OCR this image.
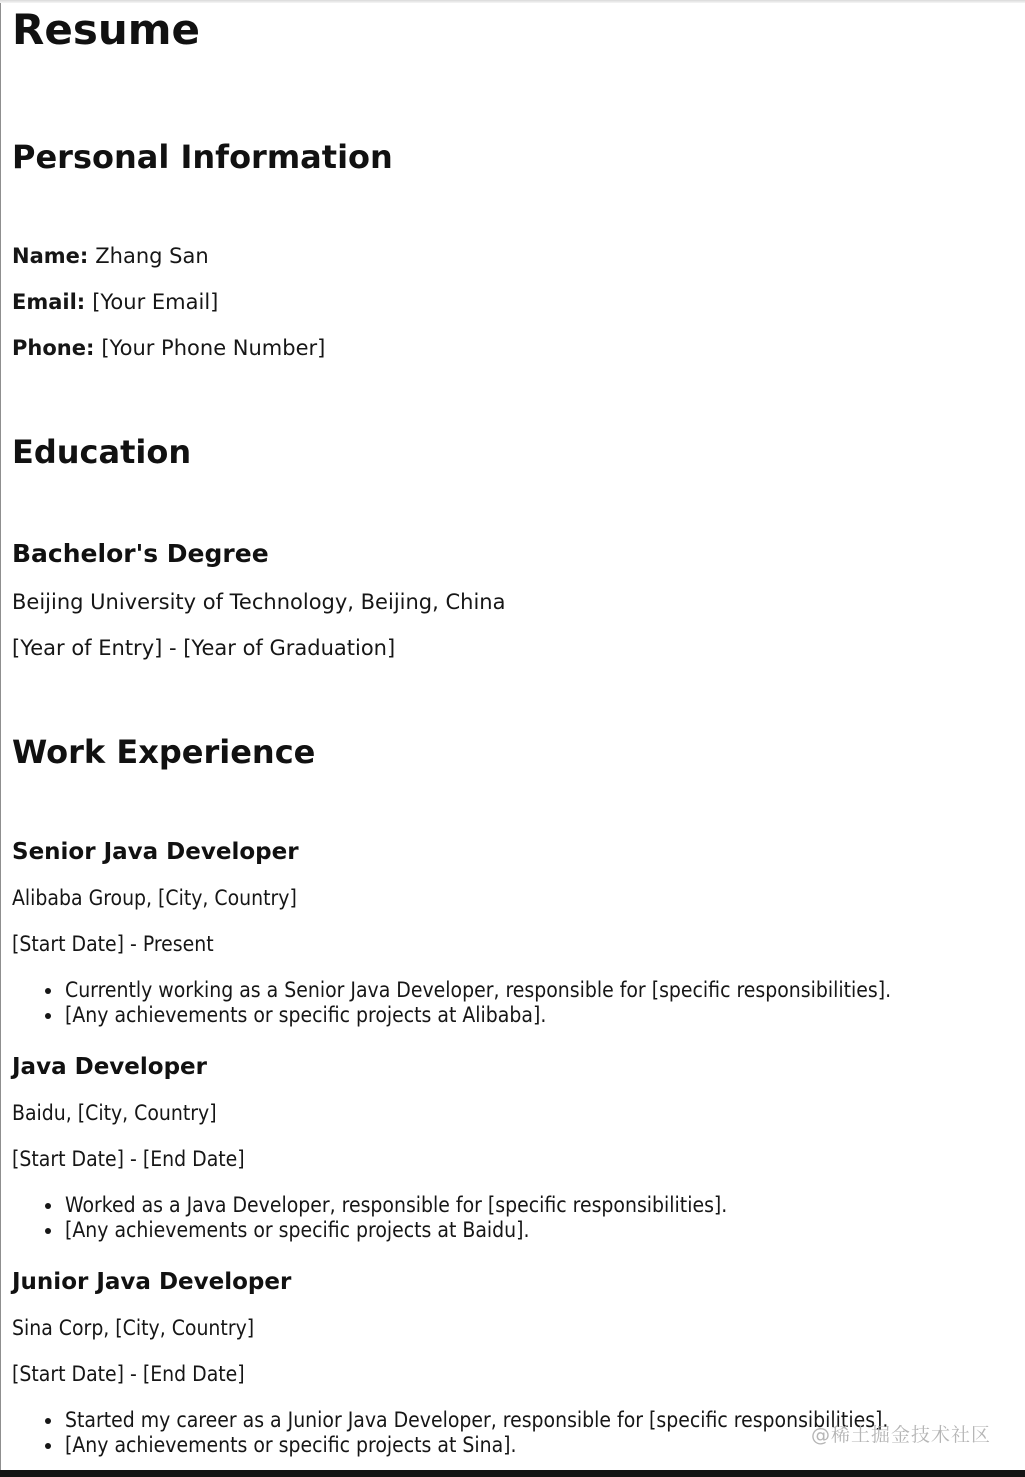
Resume
Personal Information

Name: Zhang San

Email: [Your Email]

Phone: [Your Phone Number]

Education
Bachelor's Degree

Beijing University of Technology, Beijing, China

[Year of Entry] - [Year of Graduation]

Work Experience
Senior Java Developer

Alibaba Group, [City, Country]

[Start Date] - Present

• Currently working as a Senior Java Developer, responsible for [specific responsibilities].
• [Any achievements or specific projects at Alibaba].
Java Developer

Baidu, [City, Country]

[Start Date] - [End Date]

• Worked as a Java Developer, responsible for [specific responsibilities].
• [Any achievements or specific projects at Baidu].
Junior Java Developer

Sina Corp, [City, Country]

[Start Date] - [End Date]

• Started my career as a Junior Java Developer, responsible for [specific responsibilities].
• [Any achievements or specific projects at Sina].	@稀土掘金技术社区
